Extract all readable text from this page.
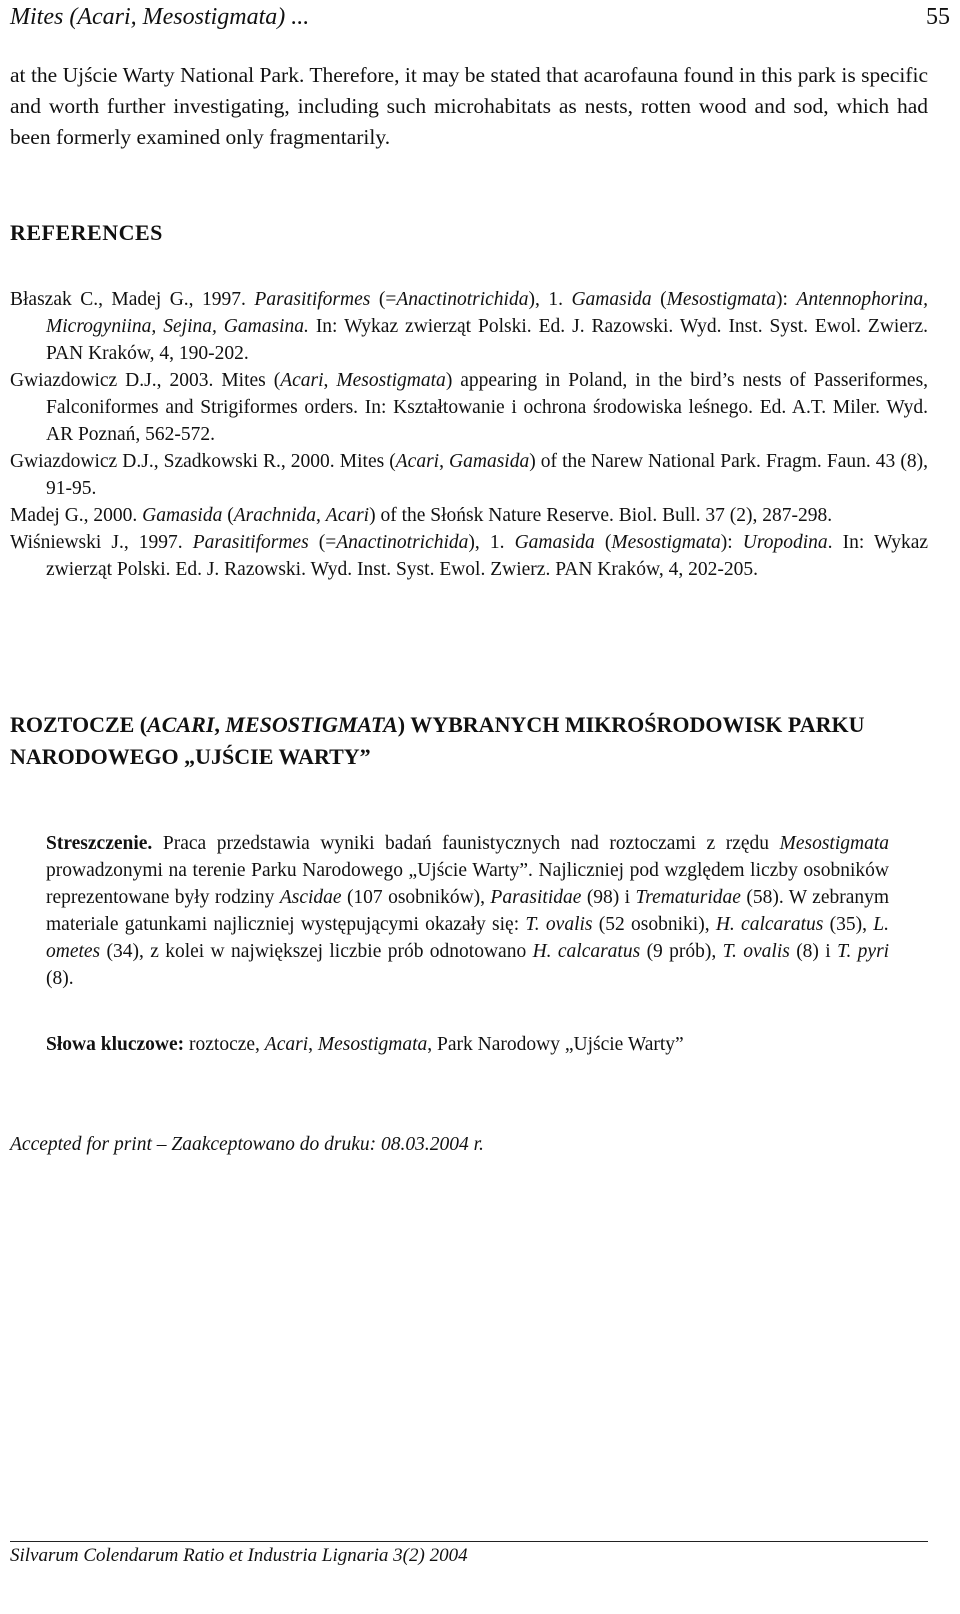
Mites (Acari, Mesostigmata) ...	55

at the Ujście Warty National Park. Therefore, it may be stated that acarofauna found in this park is specific and worth further investigating, including such microhabitats as nests, rotten wood and sod, which had been formerly examined only fragmentarily.

REFERENCES
Błaszak C., Madej G., 1997. Parasitiformes (=Anactinotrichida), 1. Gamasida (Mesostigmata): Antennophorina, Microgyniina, Sejina, Gamasina. In: Wykaz zwierząt Polski. Ed. J. Razowski. Wyd. Inst. Syst. Ewol. Zwierz. PAN Kraków, 4, 190-202.
Gwiazdowicz D.J., 2003. Mites (Acari, Mesostigmata) appearing in Poland, in the bird’s nests of Passeriformes, Falconiformes and Strigiformes orders. In: Kształtowanie i ochrona środowiska leśnego. Ed. A.T. Miler. Wyd. AR Poznań, 562-572.
Gwiazdowicz D.J., Szadkowski R., 2000. Mites (Acari, Gamasida) of the Narew National Park. Fragm. Faun. 43 (8), 91-95.
Madej G., 2000. Gamasida (Arachnida, Acari) of the Słońsk Nature Reserve. Biol. Bull. 37 (2), 287-298.
Wiśniewski J., 1997. Parasitiformes (=Anactinotrichida), 1. Gamasida (Mesostigmata): Uropodina. In: Wykaz zwierząt Polski. Ed. J. Razowski. Wyd. Inst. Syst. Ewol. Zwierz. PAN Kraków, 4, 202-205.
ROZTOCZE (ACARI, MESOSTIGMATA) WYBRANYCH MIKROŚRODOWISK PARKU NARODOWEGO „UJŚCIE WARTY”
Streszczenie. Praca przedstawia wyniki badań faunistycznych nad roztoczami z rzędu Mesostigmata prowadzonymi na terenie Parku Narodowego „Ujście Warty”. Najliczniej pod względem liczby osobników reprezentowane były rodziny Ascidae (107 osobników), Parasitidae (98) i Trematuridae (58). W zebranym materiale gatunkami najliczniej występującymi okazały się: T. ovalis (52 osobniki), H. calcaratus (35), L. ometes (34), z kolei w największej liczbie prób odnotowano H. calcaratus (9 prób), T. ovalis (8) i T. pyri (8).
Słowa kluczowe: roztocze, Acari, Mesostigmata, Park Narodowy „Ujście Warty”
Accepted for print – Zaakceptowano do druku: 08.03.2004 r.
Silvarum Colendarum Ratio et Industria Lignaria 3(2) 2004
